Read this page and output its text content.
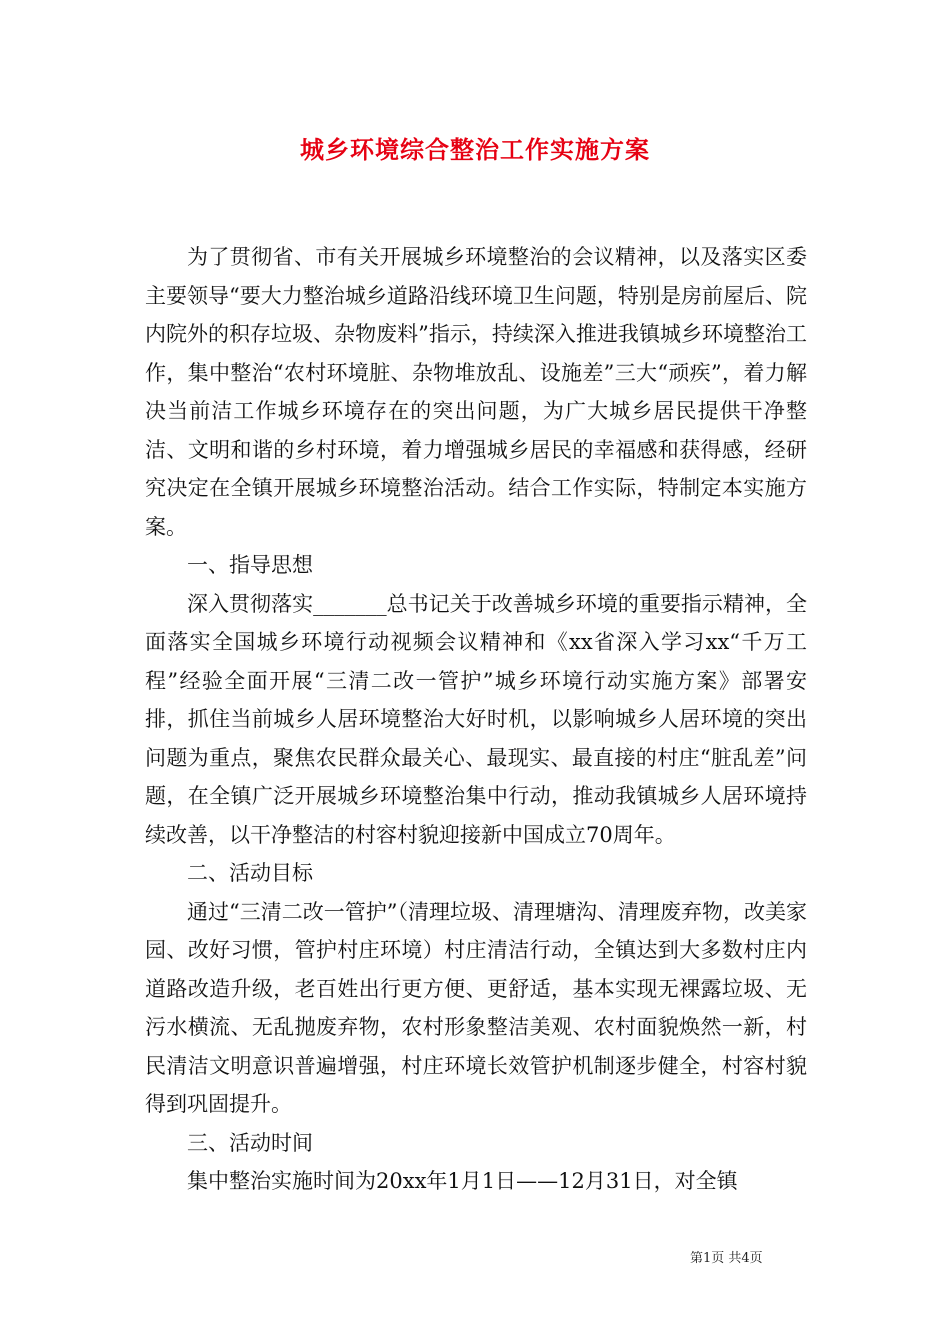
城乡环境综合整治工作实施方案

为了贯彻省、市有关开展城乡环境整治的会议精神，以及落实区委主要领导“要大力整治城乡道路沿线环境卫生问题，特别是房前屋后、院内院外的积存垃圾、杂物废料”指示，持续深入推进我镇城乡环境整治工作，集中整治“农村环境脏、杂物堆放乱、设施差”三大“顽疾”，着力解决当前洁工作城乡环境存在的突出问题，为广大城乡居民提供干净整洁、文明和谐的乡村环境，着力增强城乡居民的幸福感和获得感，经研究决定在全镇开展城乡环境整治活动。结合工作实际，特制定本实施方案。

一、指导思想

深入贯彻落实_______总书记关于改善城乡环境的重要指示精神，全面落实全国城乡环境行动视频会议精神和《xx省深入学习xx“千万工程”经验全面开展“三清二改一管护”城乡环境行动实施方案》部署安排，抓住当前城乡人居环境整治大好时机，以影响城乡人居环境的突出问题为重点，聚焦农民群众最关心、最现实、最直接的村庄“脏乱差”问题，在全镇广泛开展城乡环境整治集中行动，推动我镇城乡人居环境持续改善，以干净整洁的村容村貌迎接新中国成立70周年。

二、活动目标

通过“三清二改一管护”（清理垃圾、清理塘沟、清理废弃物，改美家园、改好习惯，管护村庄环境）村庄清洁行动，全镇达到大多数村庄内道路改造升级，老百姓出行更方便、更舒适，基本实现无裸露垃圾、无污水横流、无乱抛废弃物，农村形象整洁美观、农村面貌焕然一新，村民清洁文明意识普遍增强，村庄环境长效管护机制逐步健全，村容村貌得到巩固提升。

三、活动时间

集中整治实施时间为20xx年1月1日——12月31日，对全镇

第1页 共4页
